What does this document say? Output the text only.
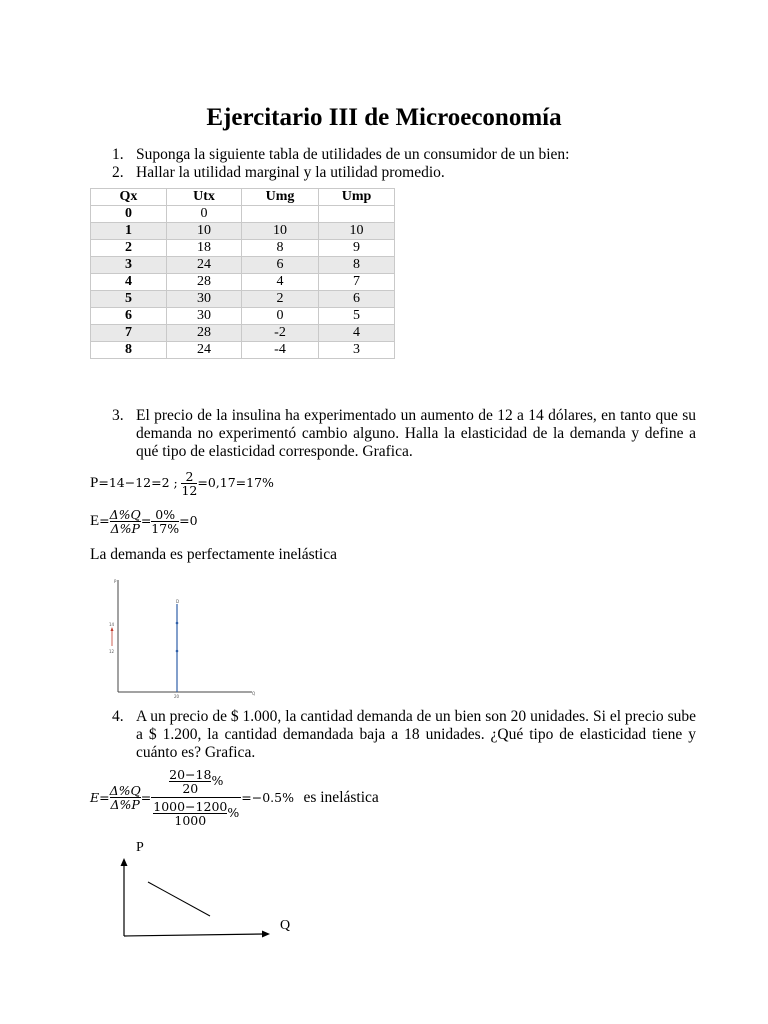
Ejercitario III de Microeconomía
1. Suponga la siguiente tabla de utilidades de un consumidor de un bien:
2. Hallar la utilidad marginal y la utilidad promedio.
Qx	Utx	Umg	Ump
0	0		
1	10	10	10
2	18	8	9
3	24	6	8
4	28	4	7
5	30	2	6
6	30	0	5
7	28	-2	4
8	24	-4	3
3. El precio de la insulina ha experimentado un aumento de 12 a 14 dólares, en tanto que su demanda no experimentó cambio alguno. Halla la elasticidad de la demanda y define a qué tipo de elasticidad corresponde. Grafica.
P=14−12=2 ; $\frac{2}{12} =0,17=17\%$
$E= \frac{\Delta\%Q}{\Delta\%P} = \frac{0\%}{17\%} =0$
La demanda es perfectamente inelástica
P
Q
D
14
12
20
4. A un precio de $ 1.000, la cantidad demanda de un bien son 20 unidades. Si el precio sube a $ 1.200, la cantidad demandada baja a 18 unidades. ¿Qué tipo de elasticidad tiene y cuánto es? Grafica.
$E= \frac{\Delta\%Q}{\Delta\%P} = \frac{\frac{20-18}{20} \%}{\frac{1000-1200}{1000} \%} =-0.5\%$ es inelástica
P
Q
